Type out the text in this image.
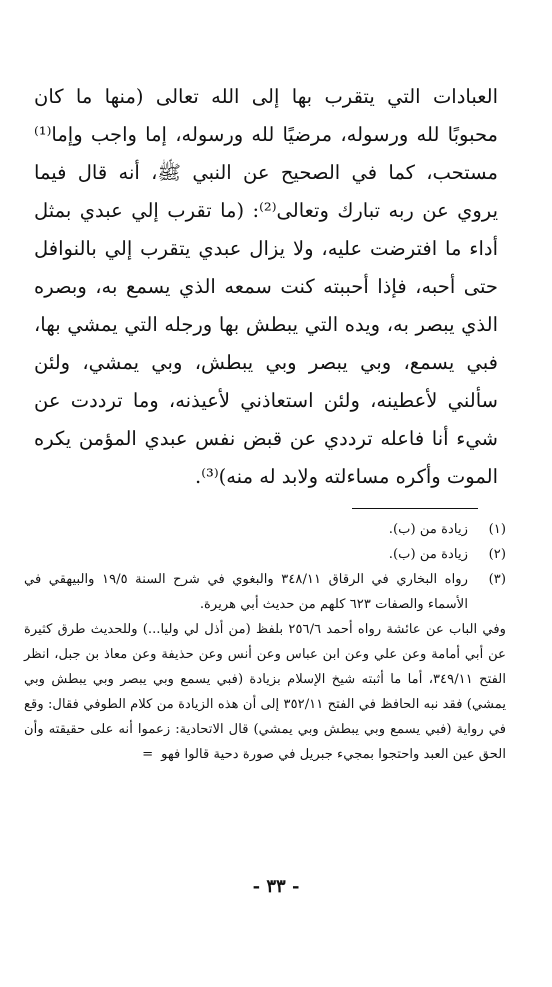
العبادات التي يتقرب بها إلى الله تعالى (منها ما كان محبوبًا لله ورسوله، مرضيًا لله ورسوله، إما واجب وإما⁽¹⁾ مستحب، كما في الصحيح عن النبي ﷺ، أنه قال فيما يروي عن ربه تبارك وتعالى⁽²⁾: (ما تقرب إلي عبدي بمثل أداء ما افترضت عليه، ولا يزال عبدي يتقرب إلي بالنوافل حتى أحبه، فإذا أحببته كنت سمعه الذي يسمع به، وبصره الذي يبصر به، ويده التي يبطش بها ورجله التي يمشي بها، فبي يسمع، وبي يبصر وبي يبطش، وبي يمشي، ولئن سألني لأعطينه، ولئن استعاذني لأعيذنه، وما ترددت عن شيء أنا فاعله ترددي عن قبض نفس عبدي المؤمن يكره الموت وأكره مساءلته ولابد له منه)⁽³⁾.

(١)
زيادة من (ب).
(٢)
زيادة من (ب).
(٣)
رواه البخاري في الرقاق ٣٤٨/١١ والبغوي في شرح السنة ١٩/٥ والبيهقي في الأسماء والصفات ٦٢٣ كلهم من حديث أبي هريرة.

وفي الباب عن عائشة رواه أحمد ٢٥٦/٦ بلفظ (من أذل لي وليا...) وللحديث طرق كثيرة عن أبي أمامة وعن علي وعن ابن عباس وعن أنس وعن حذيفة وعن معاذ بن جبل، انظر الفتح ٣٤٩/١١، أما ما أثبته شيخ الإسلام بزيادة (فبي يسمع وبي يبصر وبي يبطش وبي يمشي) فقد نبه الحافظ في الفتح ٣٥٢/١١ إلى أن هذه الزيادة من كلام الطوفي فقال: وقع في رواية (فبي يسمع وبي يبطش وبي يمشي) قال الاتحادية: زعموا أنه على حقيقته وأن الحق عين العبد واحتجوا بمجيء جبريل في صورة دحية قالوا فهو=

- ٣٣ -
